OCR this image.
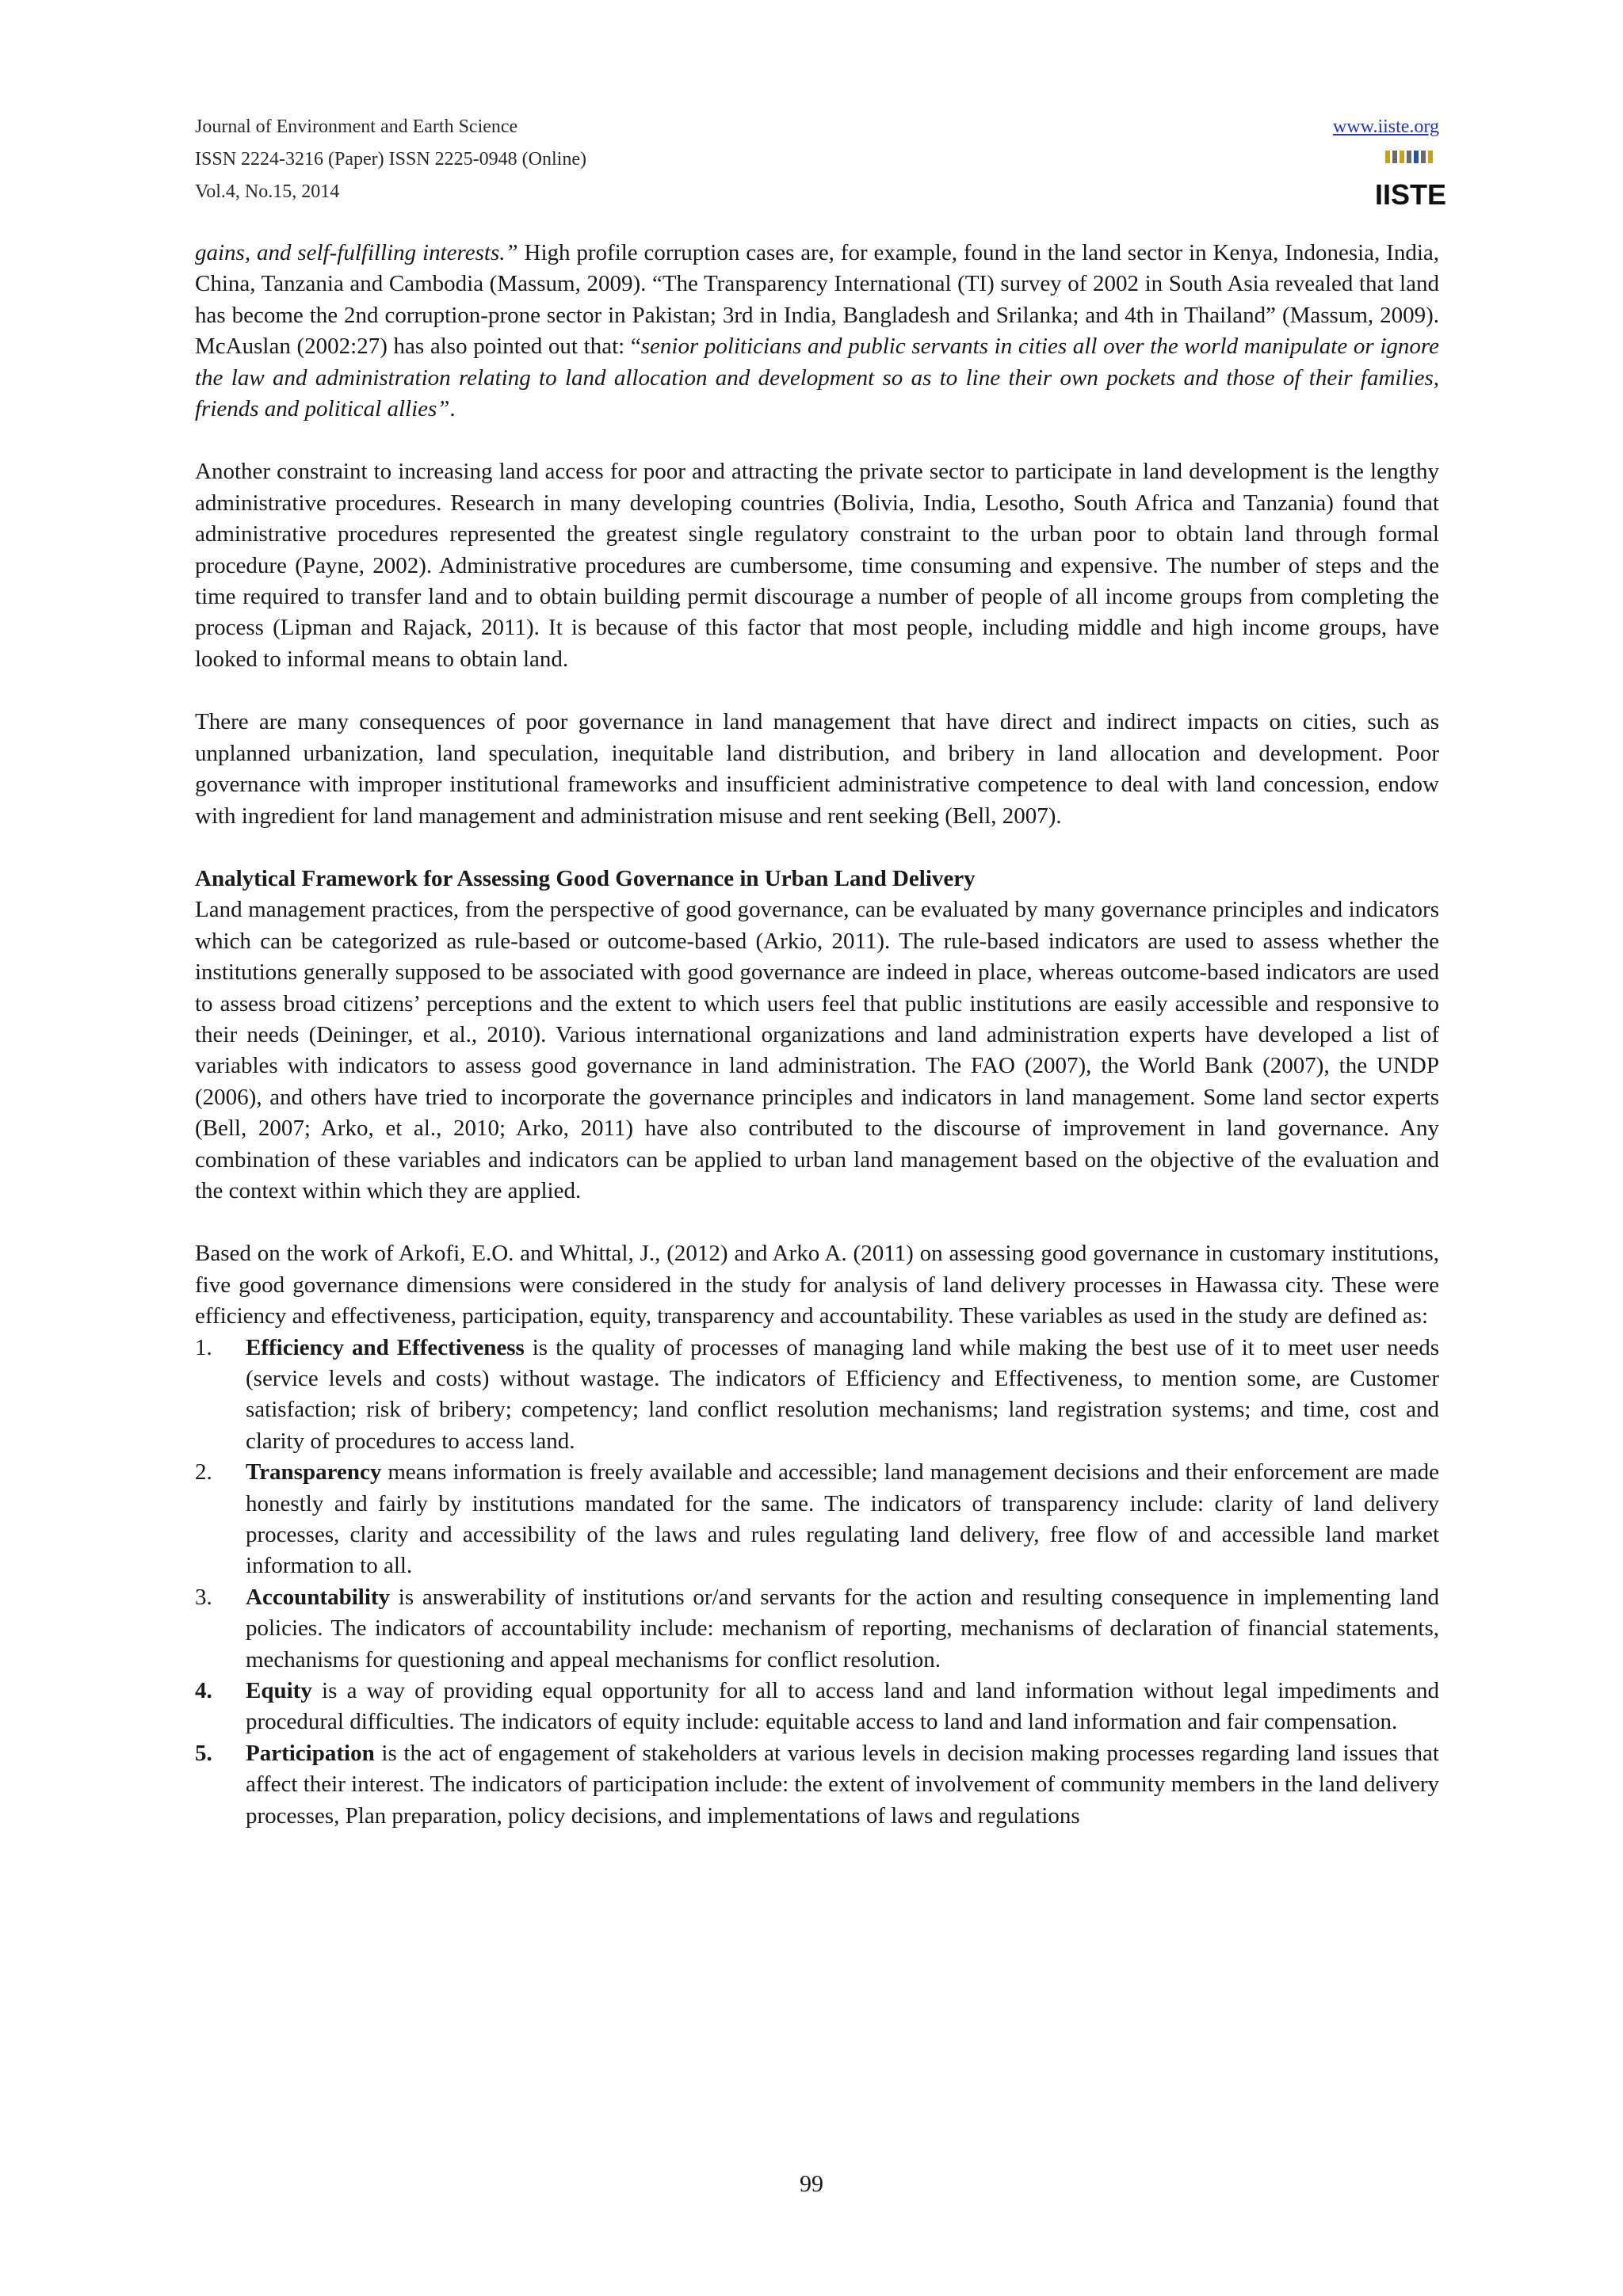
Journal of Environment and Earth Science
ISSN 2224-3216 (Paper) ISSN 2225-0948 (Online)
Vol.4, No.15, 2014
www.iiste.org
IISTE

gains, and self-fulfilling interests.” High profile corruption cases are, for example, found in the land sector in Kenya, Indonesia, India, China, Tanzania and Cambodia (Massum, 2009). “The Transparency International (TI) survey of 2002 in South Asia revealed that land has become the 2nd corruption-prone sector in Pakistan; 3rd in India, Bangladesh and Srilanka; and 4th in Thailand” (Massum, 2009). McAuslan (2002:27) has also pointed out that: “senior politicians and public servants in cities all over the world manipulate or ignore the law and administration relating to land allocation and development so as to line their own pockets and those of their families, friends and political allies”.

Another constraint to increasing land access for poor and attracting the private sector to participate in land development is the lengthy administrative procedures. Research in many developing countries (Bolivia, India, Lesotho, South Africa and Tanzania) found that administrative procedures represented the greatest single regulatory constraint to the urban poor to obtain land through formal procedure (Payne, 2002). Administrative procedures are cumbersome, time consuming and expensive. The number of steps and the time required to transfer land and to obtain building permit discourage a number of people of all income groups from completing the process (Lipman and Rajack, 2011). It is because of this factor that most people, including middle and high income groups, have looked to informal means to obtain land.

There are many consequences of poor governance in land management that have direct and indirect impacts on cities, such as unplanned urbanization, land speculation, inequitable land distribution, and bribery in land allocation and development. Poor governance with improper institutional frameworks and insufficient administrative competence to deal with land concession, endow with ingredient for land management and administration misuse and rent seeking (Bell, 2007).

Analytical Framework for Assessing Good Governance in Urban Land Delivery

Land management practices, from the perspective of good governance, can be evaluated by many governance principles and indicators which can be categorized as rule-based or outcome-based (Arkio, 2011). The rule-based indicators are used to assess whether the institutions generally supposed to be associated with good governance are indeed in place, whereas outcome-based indicators are used to assess broad citizens’ perceptions and the extent to which users feel that public institutions are easily accessible and responsive to their needs (Deininger, et al., 2010). Various international organizations and land administration experts have developed a list of variables with indicators to assess good governance in land administration. The FAO (2007), the World Bank (2007), the UNDP (2006), and others have tried to incorporate the governance principles and indicators in land management. Some land sector experts (Bell, 2007; Arko, et al., 2010; Arko, 2011) have also contributed to the discourse of improvement in land governance. Any combination of these variables and indicators can be applied to urban land management based on the objective of the evaluation and the context within which they are applied.

Based on the work of Arkofi, E.O. and Whittal, J., (2012) and Arko A. (2011) on assessing good governance in customary institutions, five good governance dimensions were considered in the study for analysis of land delivery processes in Hawassa city. These were efficiency and effectiveness, participation, equity, transparency and accountability. These variables as used in the study are defined as:

1. Efficiency and Effectiveness is the quality of processes of managing land while making the best use of it to meet user needs (service levels and costs) without wastage. The indicators of Efficiency and Effectiveness, to mention some, are Customer satisfaction; risk of bribery; competency; land conflict resolution mechanisms; land registration systems; and time, cost and clarity of procedures to access land.
2. Transparency means information is freely available and accessible; land management decisions and their enforcement are made honestly and fairly by institutions mandated for the same. The indicators of transparency include: clarity of land delivery processes, clarity and accessibility of the laws and rules regulating land delivery, free flow of and accessible land market information to all.
3. Accountability is answerability of institutions or/and servants for the action and resulting consequence in implementing land policies. The indicators of accountability include: mechanism of reporting, mechanisms of declaration of financial statements, mechanisms for questioning and appeal mechanisms for conflict resolution.
4. Equity is a way of providing equal opportunity for all to access land and land information without legal impediments and procedural difficulties. The indicators of equity include: equitable access to land and land information and fair compensation.
5. Participation is the act of engagement of stakeholders at various levels in decision making processes regarding land issues that affect their interest. The indicators of participation include: the extent of involvement of community members in the land delivery processes, Plan preparation, policy decisions, and implementations of laws and regulations
99
